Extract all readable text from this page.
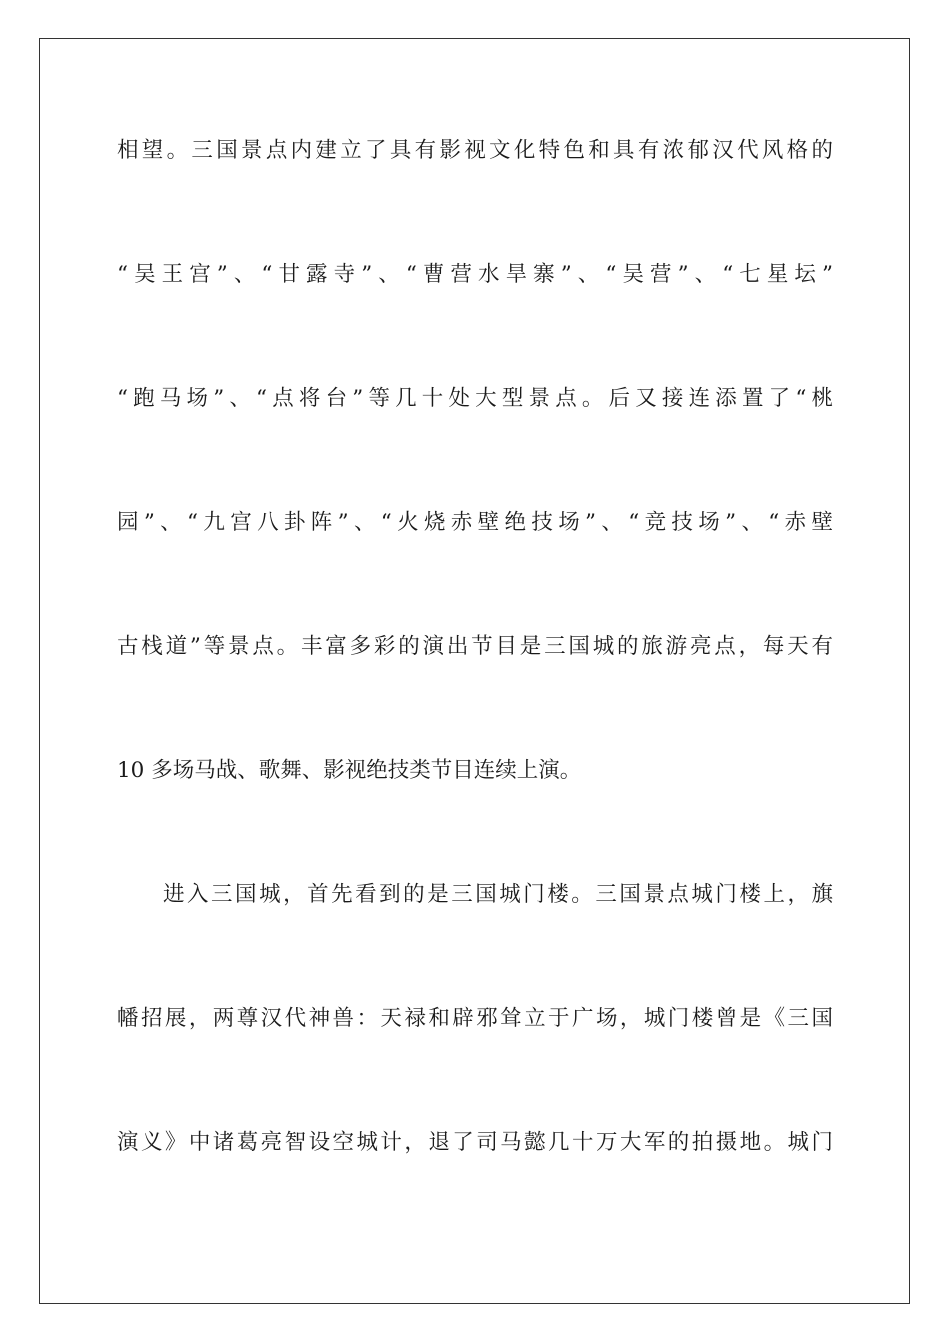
相望。三国景点内建立了具有影视文化特色和具有浓郁汉代风格的
“吴王宫”、“甘露寺”、“曹营水旱寨”、“吴营”、“七星坛”
“跑马场”、“点将台”等几十处大型景点。后又接连添置了“桃
园”、“九宫八卦阵”、“火烧赤壁绝技场”、“竞技场”、“赤壁
古栈道”等景点。丰富多彩的演出节目是三国城的旅游亮点，每天有
10 多场马战、歌舞、影视绝技类节目连续上演。
进入三国城，首先看到的是三国城门楼。三国景点城门楼上，旗
幡招展，两尊汉代神兽：天禄和辟邪耸立于广场，城门楼曾是《三国
演义》中诸葛亮智设空城计，退了司马懿几十万大军的拍摄地。城门
